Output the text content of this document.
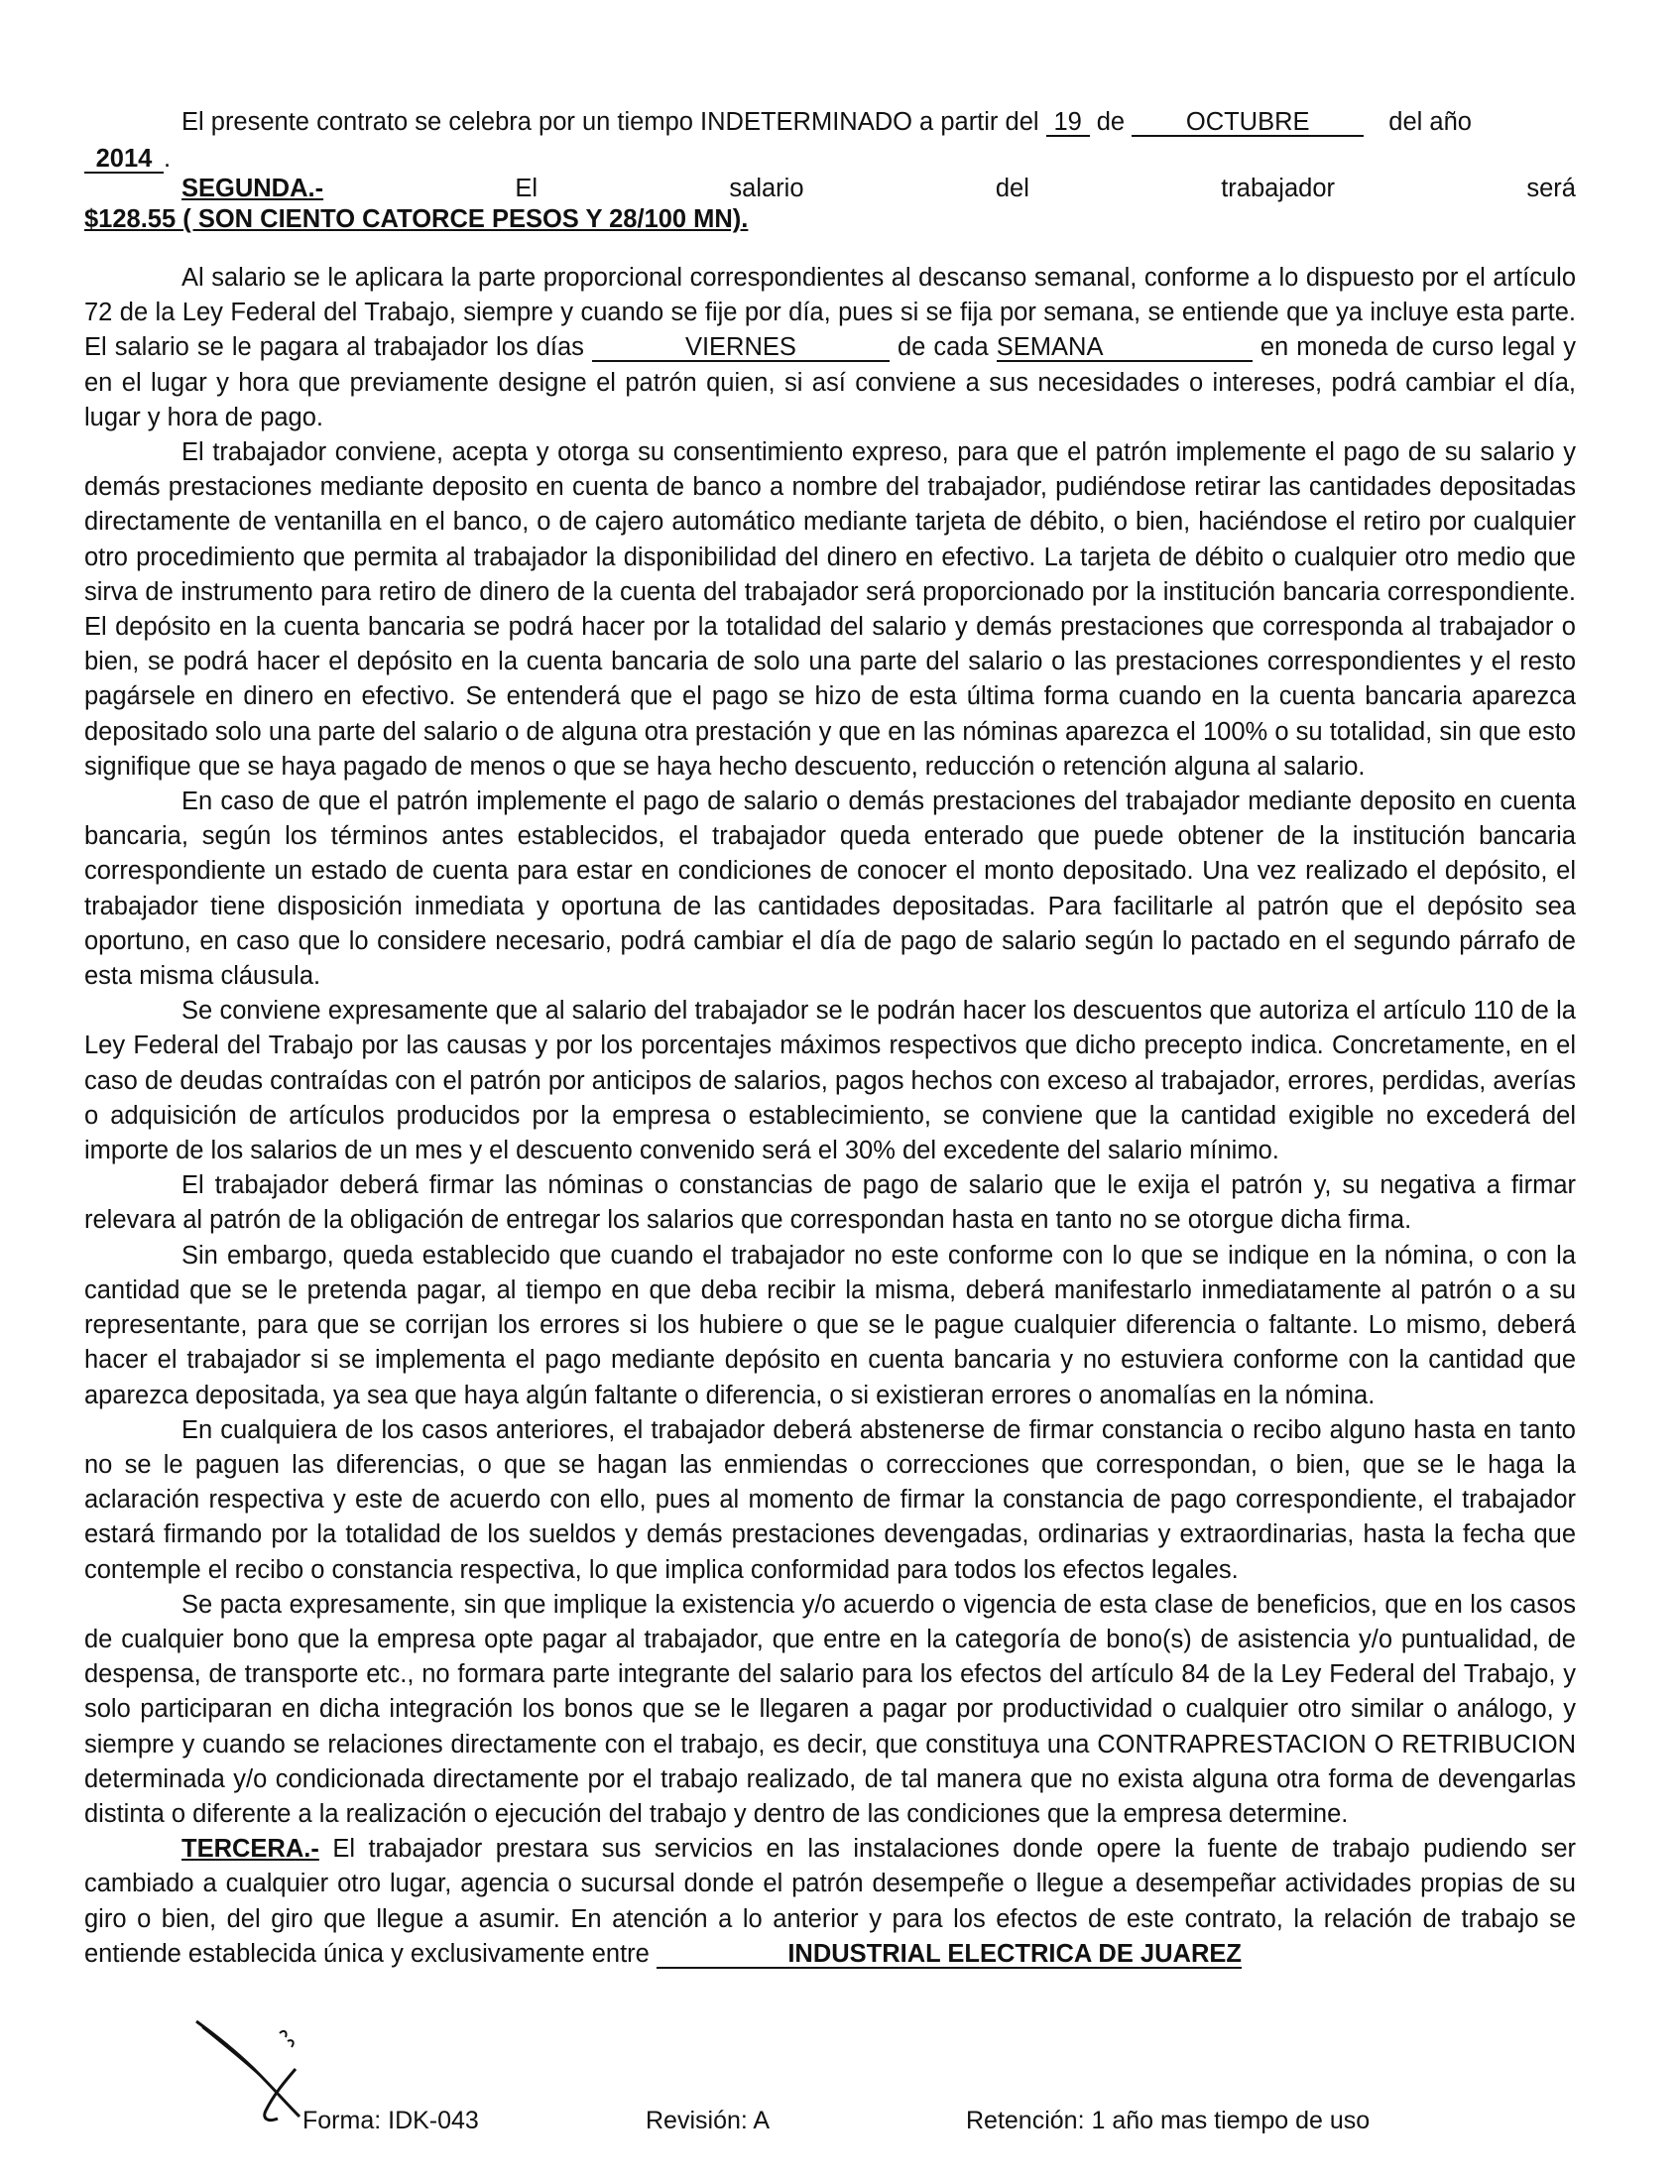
El presente contrato se celebra por un tiempo INDETERMINADO a partir del 19 de OCTUBRE	del año
2014 .
SEGUNDA.-	El	salario	del	trabajador	será
$128.55 ( SON CIENTO CATORCE PESOS Y 28/100 MN).

Al salario se le aplicara la parte proporcional correspondientes al descanso semanal, conforme a lo dispuesto por el artículo 72 de la Ley Federal del Trabajo, siempre y cuando se fije por día, pues si se fija por semana, se entiende que ya incluye esta parte. El salario se le pagara al trabajador los días	VIERNES	de cada SEMANA	en moneda de curso legal y en el lugar y hora que previamente designe el patrón quien, si así conviene a sus necesidades o intereses, podrá cambiar el día, lugar y hora de pago.

El trabajador conviene, acepta y otorga su consentimiento expreso, para que el patrón implemente el pago de su salario y demás prestaciones mediante deposito en cuenta de banco a nombre del trabajador, pudiéndose retirar las cantidades depositadas directamente de ventanilla en el banco, o de cajero automático mediante tarjeta de débito, o bien, haciéndose el retiro por cualquier otro procedimiento que permita al trabajador la disponibilidad del dinero en efectivo. La tarjeta de débito o cualquier otro medio que sirva de instrumento para retiro de dinero de la cuenta del trabajador será proporcionado por la institución bancaria correspondiente. El depósito en la cuenta bancaria se podrá hacer por la totalidad del salario y demás prestaciones que corresponda al trabajador o bien, se podrá hacer el depósito en la cuenta bancaria de solo una parte del salario o las prestaciones correspondientes y el resto pagársele en dinero en efectivo. Se entenderá que el pago se hizo de esta última forma cuando en la cuenta bancaria aparezca depositado solo una parte del salario o de alguna otra prestación y que en las nóminas aparezca el 100% o su totalidad, sin que esto signifique que se haya pagado de menos o que se haya hecho descuento, reducción o retención alguna al salario.

En caso de que el patrón implemente el pago de salario o demás prestaciones del trabajador mediante deposito en cuenta bancaria, según los términos antes establecidos, el trabajador queda enterado que puede obtener de la institución bancaria correspondiente un estado de cuenta para estar en condiciones de conocer el monto depositado. Una vez realizado el depósito, el trabajador tiene disposición inmediata y oportuna de las cantidades depositadas. Para facilitarle al patrón que el depósito sea oportuno, en caso que lo considere necesario, podrá cambiar el día de pago de salario según lo pactado en el segundo párrafo de esta misma cláusula.

Se conviene expresamente que al salario del trabajador se le podrán hacer los descuentos que autoriza el artículo 110 de la Ley Federal del Trabajo por las causas y por los porcentajes máximos respectivos que dicho precepto indica. Concretamente, en el caso de deudas contraídas con el patrón por anticipos de salarios, pagos hechos con exceso al trabajador, errores, perdidas, averías o adquisición de artículos producidos por la empresa o establecimiento, se conviene que la cantidad exigible no excederá del importe de los salarios de un mes y el descuento convenido será el 30% del excedente del salario mínimo.

El trabajador deberá firmar las nóminas o constancias de pago de salario que le exija el patrón y, su negativa a firmar relevara al patrón de la obligación de entregar los salarios que correspondan hasta en tanto no se otorgue dicha firma.

Sin embargo, queda establecido que cuando el trabajador no este conforme con lo que se indique en la nómina, o con la cantidad que se le pretenda pagar, al tiempo en que deba recibir la misma, deberá manifestarlo inmediatamente al patrón o a su representante, para que se corrijan los errores si los hubiere o que se le pague cualquier diferencia o faltante. Lo mismo, deberá hacer el trabajador si se implementa el pago mediante depósito en cuenta bancaria y no estuviera conforme con la cantidad que aparezca depositada, ya sea que haya algún faltante o diferencia, o si existieran errores o anomalías en la nómina.

En cualquiera de los casos anteriores, el trabajador deberá abstenerse de firmar constancia o recibo alguno hasta en tanto no se le paguen las diferencias, o que se hagan las enmiendas o correcciones que correspondan, o bien, que se le haga la aclaración respectiva y este de acuerdo con ello, pues al momento de firmar la constancia de pago correspondiente, el trabajador estará firmando por la totalidad de los sueldos y demás prestaciones devengadas, ordinarias y extraordinarias, hasta la fecha que contemple el recibo o constancia respectiva, lo que implica conformidad para todos los efectos legales.

Se pacta expresamente, sin que implique la existencia y/o acuerdo o vigencia de esta clase de beneficios, que en los casos de cualquier bono que la empresa opte pagar al trabajador, que entre en la categoría de bono(s) de asistencia y/o puntualidad, de despensa, de transporte etc., no formara parte integrante del salario para los efectos del artículo 84 de la Ley Federal del Trabajo, y solo participaran en dicha integración los bonos que se le llegaren a pagar por productividad o cualquier otro similar o análogo, y siempre y cuando se relaciones directamente con el trabajo, es decir, que constituya una CONTRAPRESTACION O RETRIBUCION determinada y/o condicionada directamente por el trabajo realizado, de tal manera que no exista alguna otra forma de devengarlas distinta o diferente a la realización o ejecución del trabajo y dentro de las condiciones que la empresa determine.

TERCERA.- El trabajador prestara sus servicios en las instalaciones donde opere la fuente de trabajo pudiendo ser cambiado a cualquier otro lugar, agencia o sucursal donde el patrón desempeñe o llegue a desempeñar actividades propias de su giro o bien, del giro que llegue a asumir. En atención a lo anterior y para los efectos de este contrato, la relación de trabajo se entiende establecida única y exclusivamente entre	INDUSTRIAL ELECTRICA DE JUAREZ

Forma: IDK-043	Revisión: A	Retención: 1 año mas tiempo de uso
